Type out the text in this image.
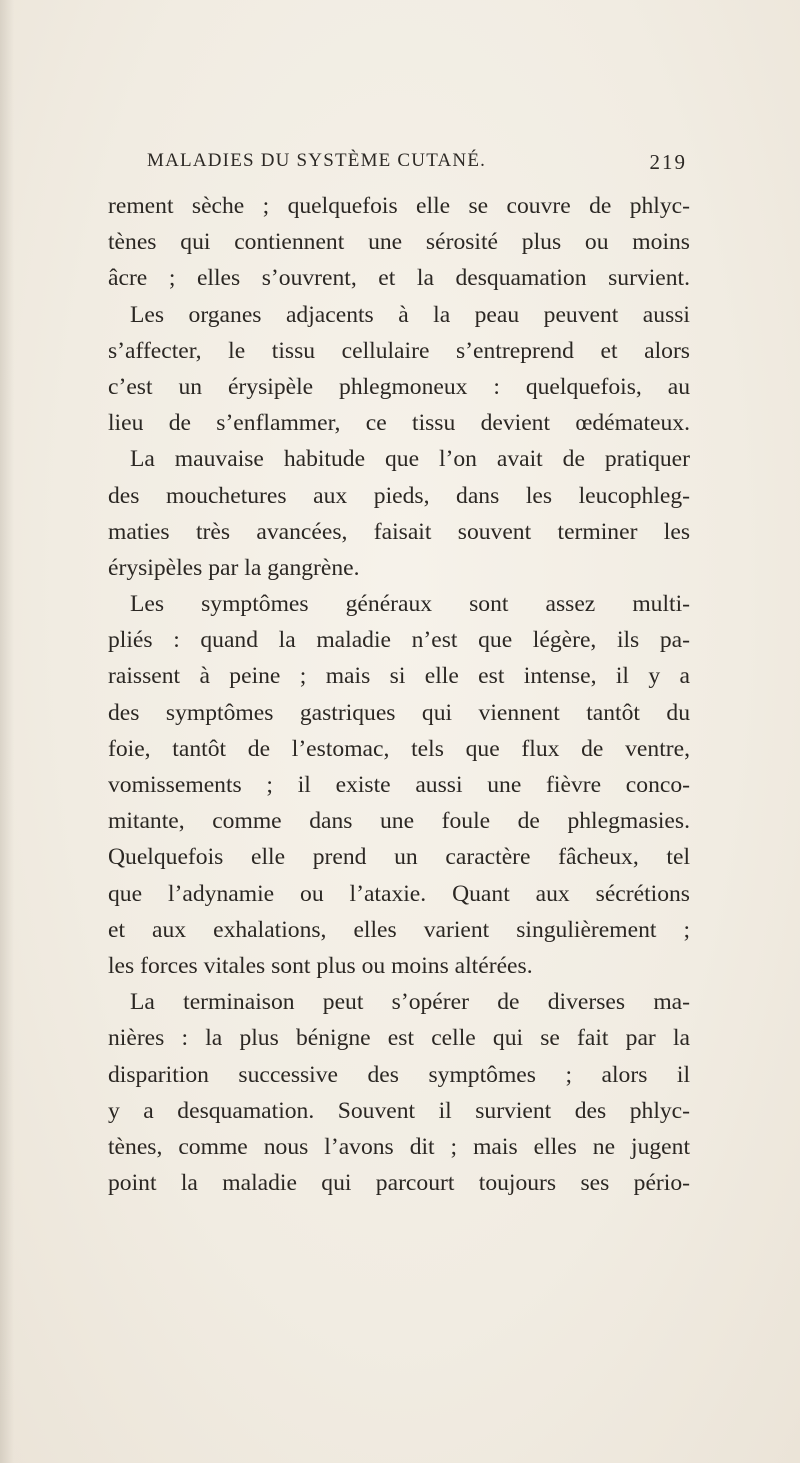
MALADIES DU SYSTÈME CUTANÉ.	219
rement sèche ; quelquefois elle se couvre de phlyc-
tènes qui contiennent une sérosité plus ou moins
âcre ; elles s’ouvrent, et la desquamation survient.
Les organes adjacents à la peau peuvent aussi
s’affecter, le tissu cellulaire s’entreprend et alors
c’est un érysipèle phlegmoneux : quelquefois, au
lieu de s’enflammer, ce tissu devient œdémateux.
La mauvaise habitude que l’on avait de pratiquer
des mouchetures aux pieds, dans les leucophleg-
maties très avancées, faisait souvent terminer les
érysipèles par la gangrène.
Les symptômes généraux sont assez multi-
pliés : quand la maladie n’est que légère, ils pa-
raissent à peine ; mais si elle est intense, il y a
des symptômes gastriques qui viennent tantôt du
foie, tantôt de l’estomac, tels que flux de ventre,
vomissements ; il existe aussi une fièvre conco-
mitante, comme dans une foule de phlegmasies.
Quelquefois elle prend un caractère fâcheux, tel
que l’adynamie ou l’ataxie. Quant aux sécrétions
et aux exhalations, elles varient singulièrement ;
les forces vitales sont plus ou moins altérées.
La terminaison peut s’opérer de diverses ma-
nières : la plus bénigne est celle qui se fait par la
disparition successive des symptômes ; alors il
y a desquamation. Souvent il survient des phlyc-
tènes, comme nous l’avons dit ; mais elles ne jugent
point la maladie qui parcourt toujours ses pério-
